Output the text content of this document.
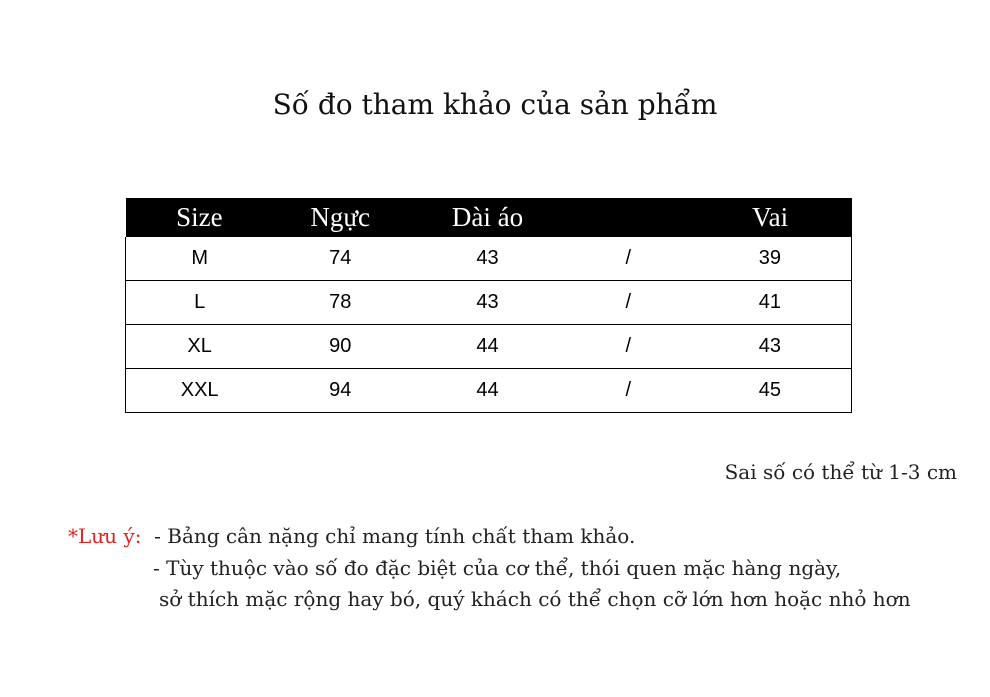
Số đo tham khảo của sản phẩm
Size	Ngực	Dài áo		Vai
M	74	43	/	39
L	78	43	/	41
XL	90	44	/	43
XXL	94	44	/	45
Sai số có thể từ 1-3 cm
*Lưu ý: - Bảng cân nặng chỉ mang tính chất tham khảo.
- Tùy thuộc vào số đo đặc biệt của cơ thể, thói quen mặc hàng ngày,
sở thích mặc rộng hay bó, quý khách có thể chọn cỡ lớn hơn hoặc nhỏ hơn
